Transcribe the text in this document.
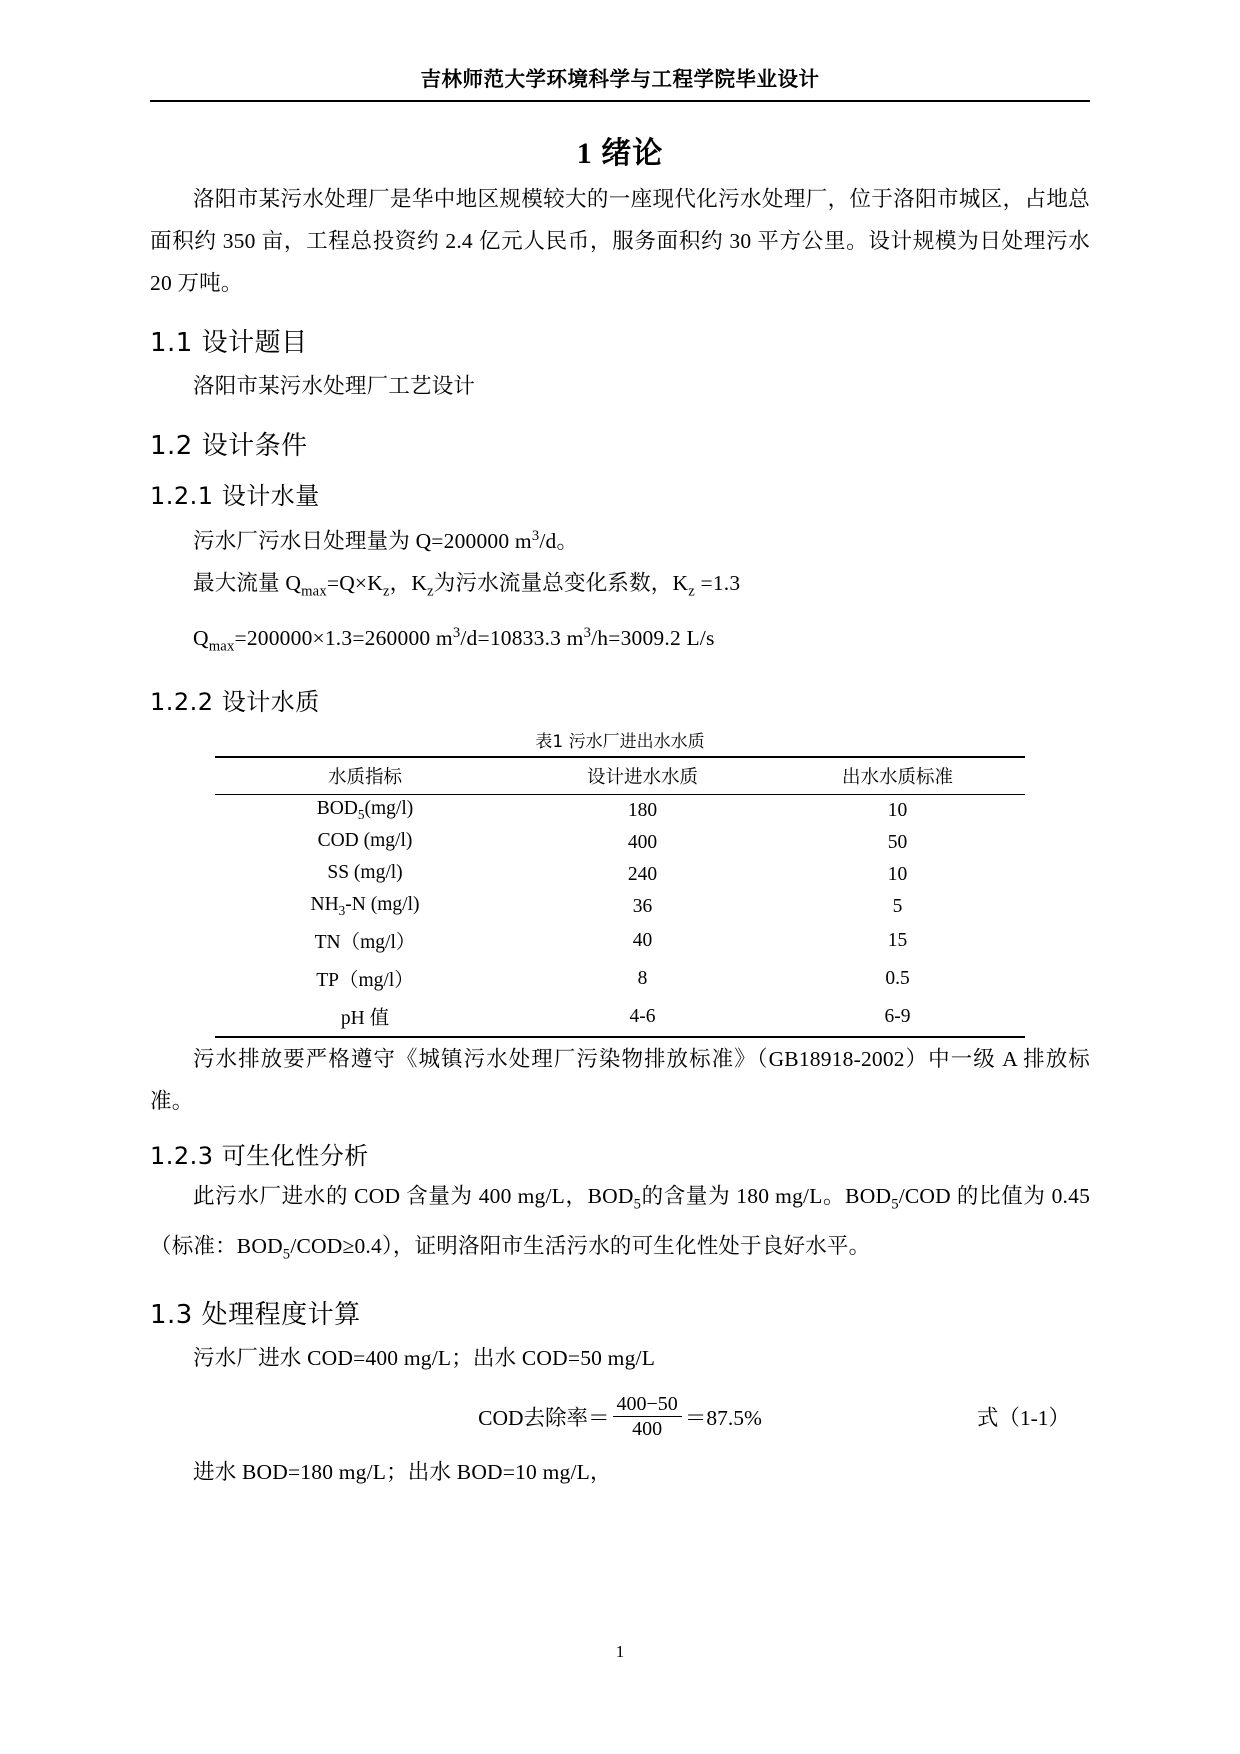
吉林师范大学环境科学与工程学院毕业设计
1 绪论

洛阳市某污水处理厂是华中地区规模较大的一座现代化污水处理厂，位于洛阳市城区，占地总面积约 350 亩，工程总投资约 2.4 亿元人民币，服务面积约 30 平方公里。设计规模为日处理污水 20 万吨。

1.1 设计题目

洛阳市某污水处理厂工艺设计

1.2 设计条件
1.2.1 设计水量

污水厂污水日处理量为 Q=200000 $m^3/d$。

最大流量 $Q_{max}=Q\times K_z$，$K_z$为污水流量总变化系数，$K_z =1.3$

$Q_{max}=200000\times 1.3=260000$ $m^3/d=10833.3$ $m^3/h=3009.2$ L/s

1.2.2 设计水质
表1 污水厂进出水水质
水质指标	设计进水水质	出水水质标准
$BOD_5(mg/l)$	180	10
COD (mg/l)	400	50
SS (mg/l)	240	10
$NH_3-N$ (mg/l)	36	5
TN（mg/l）	40	15
TP（mg/l）	8	0.5
pH 值	4-6	6-9

污水排放要严格遵守《城镇污水处理厂污染物排放标准》（GB18918-2002）中一级 A 排放标准。

1.2.3 可生化性分析

此污水厂进水的 COD 含量为 400 mg/L，$BOD_5$的含量为 180 mg/L。$BOD_5$/COD 的比值为 0.45（标准：$BOD_5/COD\ge 0.4$），证明洛阳市生活污水的可生化性处于良好水平。

1.3 处理程度计算

污水厂进水 COD=400 mg/L；出水 COD=50 mg/L

COD去除率＝ $\frac{400-50}{400} =87.5\%$	式（1-1）

进水 BOD=180 mg/L；出水 BOD=10 mg/L，

1
